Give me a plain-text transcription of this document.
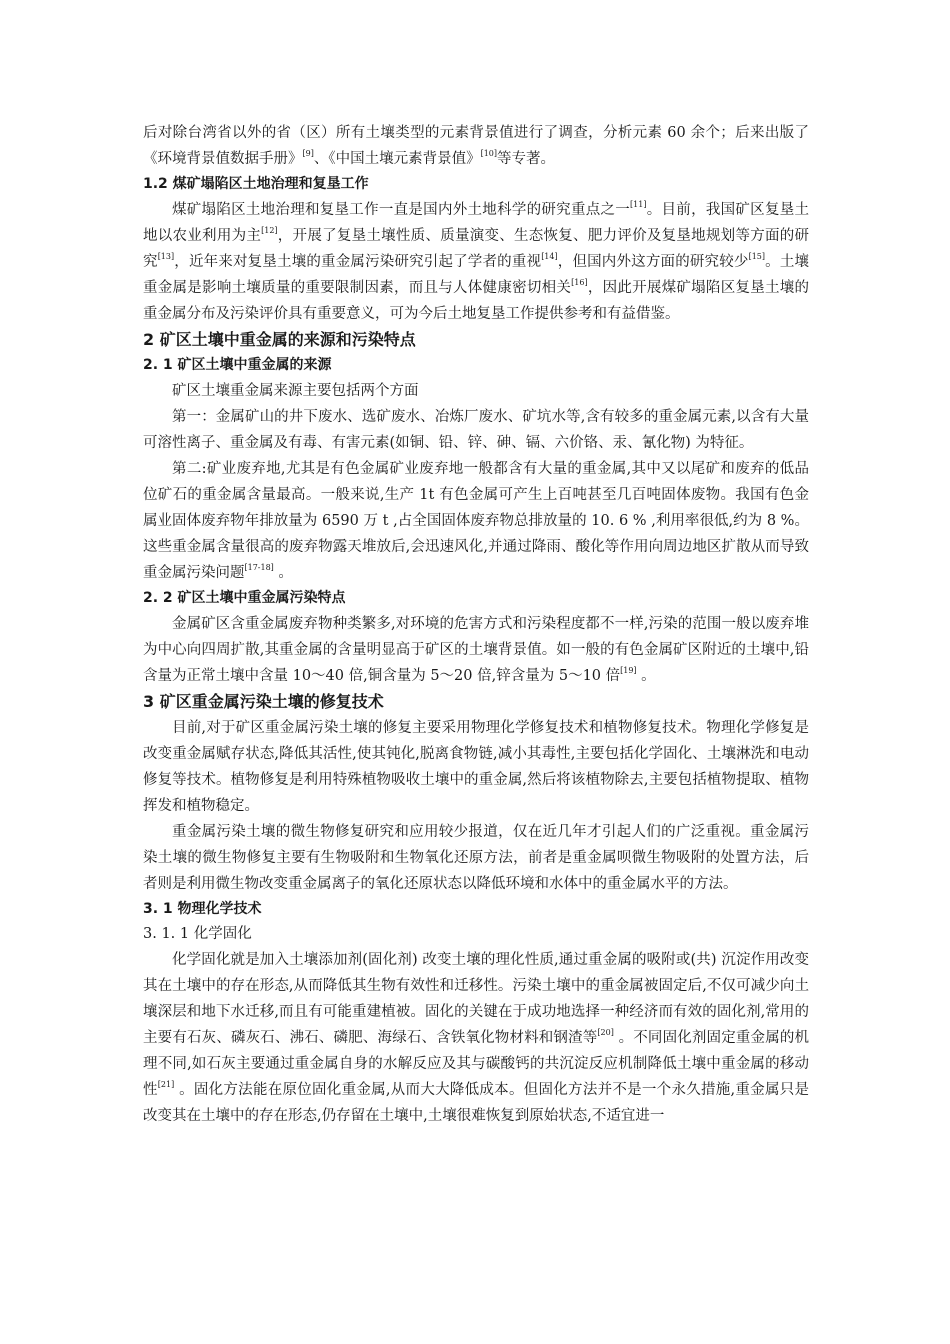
后对除台湾省以外的省（区）所有土壤类型的元素背景值进行了调查，分析元素 60 余个；后来出版了《环境背景值数据手册》[9]、《中国土壤元素背景值》[10]等专著。

1.2 煤矿塌陷区土地治理和复垦工作

煤矿塌陷区土地治理和复垦工作一直是国内外土地科学的研究重点之一[11]。目前，我国矿区复垦土地以农业利用为主[12]，开展了复垦土壤性质、质量演变、生态恢复、肥力评价及复垦地规划等方面的研究[13]，近年来对复垦土壤的重金属污染研究引起了学者的重视[14]，但国内外这方面的研究较少[15]。土壤重金属是影响土壤质量的重要限制因素，而且与人体健康密切相关[16]，因此开展煤矿塌陷区复垦土壤的重金属分布及污染评价具有重要意义，可为今后土地复垦工作提供参考和有益借鉴。

2 矿区土壤中重金属的来源和污染特点
2. 1 矿区土壤中重金属的来源

矿区土壤重金属来源主要包括两个方面

第一：金属矿山的井下废水、选矿废水、冶炼厂废水、矿坑水等,含有较多的重金属元素,以含有大量可溶性离子、重金属及有毒、有害元素(如铜、铅、锌、砷、镉、六价铬、汞、氰化物) 为特征。

第二:矿业废弃地,尤其是有色金属矿业废弃地一般都含有大量的重金属,其中又以尾矿和废弃的低品位矿石的重金属含量最高。一般来说,生产 1t 有色金属可产生上百吨甚至几百吨固体废物。我国有色金属业固体废弃物年排放量为 6590 万 t ,占全国固体废弃物总排放量的 10. 6 % ,利用率很低,约为 8 %。这些重金属含量很高的废弃物露天堆放后,会迅速风化,并通过降雨、酸化等作用向周边地区扩散从而导致重金属污染问题[17-18] 。

2. 2 矿区土壤中重金属污染特点

金属矿区含重金属废弃物种类繁多,对环境的危害方式和污染程度都不一样,污染的范围一般以废弃堆为中心向四周扩散,其重金属的含量明显高于矿区的土壤背景值。如一般的有色金属矿区附近的土壤中,铅含量为正常土壤中含量 10～40 倍,铜含量为 5～20 倍,锌含量为 5～10 倍[19] 。

3 矿区重金属污染土壤的修复技术

目前,对于矿区重金属污染土壤的修复主要采用物理化学修复技术和植物修复技术。物理化学修复是改变重金属赋存状态,降低其活性,使其钝化,脱离食物链,减小其毒性,主要包括化学固化、土壤淋洗和电动修复等技术。植物修复是利用特殊植物吸收土壤中的重金属,然后将该植物除去,主要包括植物提取、植物挥发和植物稳定。

重金属污染土壤的微生物修复研究和应用较少报道，仅在近几年才引起人们的广泛重视。重金属污染土壤的微生物修复主要有生物吸附和生物氧化还原方法，前者是重金属呗微生物吸附的处置方法，后者则是利用微生物改变重金属离子的氧化还原状态以降低环境和水体中的重金属水平的方法。

3. 1 物理化学技术
3. 1. 1 化学固化

化学固化就是加入土壤添加剂(固化剂) 改变土壤的理化性质,通过重金属的吸附或(共) 沉淀作用改变其在土壤中的存在形态,从而降低其生物有效性和迁移性。污染土壤中的重金属被固定后,不仅可减少向土壤深层和地下水迁移,而且有可能重建植被。固化的关键在于成功地选择一种经济而有效的固化剂,常用的主要有石灰、磷灰石、沸石、磷肥、海绿石、含铁氧化物材料和钢渣等[20] 。不同固化剂固定重金属的机理不同,如石灰主要通过重金属自身的水解反应及其与碳酸钙的共沉淀反应机制降低土壤中重金属的移动性[21] 。固化方法能在原位固化重金属,从而大大降低成本。但固化方法并不是一个永久措施,重金属只是改变其在土壤中的存在形态,仍存留在土壤中,土壤很难恢复到原始状态,不适宜进一
